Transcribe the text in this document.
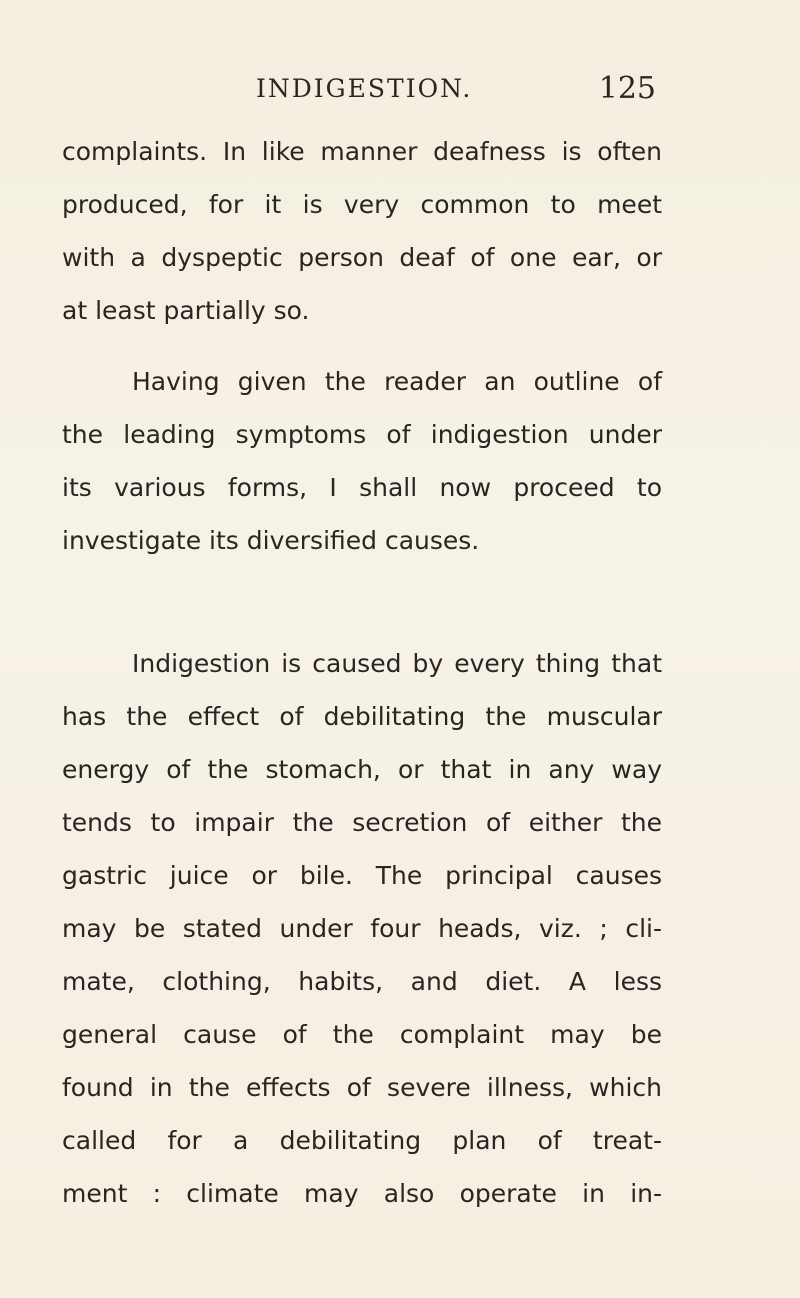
INDIGESTION.	125
complaints. In like manner deafness is often
produced, for it is very common to meet
with a dyspeptic person deaf of one ear, or
at least partially so.
Having given the reader an outline of
the leading symptoms of indigestion under
its various forms, I shall now proceed to
investigate its diversified causes.
Indigestion is caused by every thing that
has the effect of debilitating the muscular
energy of the stomach, or that in any way
tends to impair the secretion of either the
gastric juice or bile. The principal causes
may be stated under four heads, viz. ; cli-
mate, clothing, habits, and diet. A less
general cause of the complaint may be
found in the effects of severe illness, which
called for a debilitating plan of treat-
ment : climate may also operate in in-
